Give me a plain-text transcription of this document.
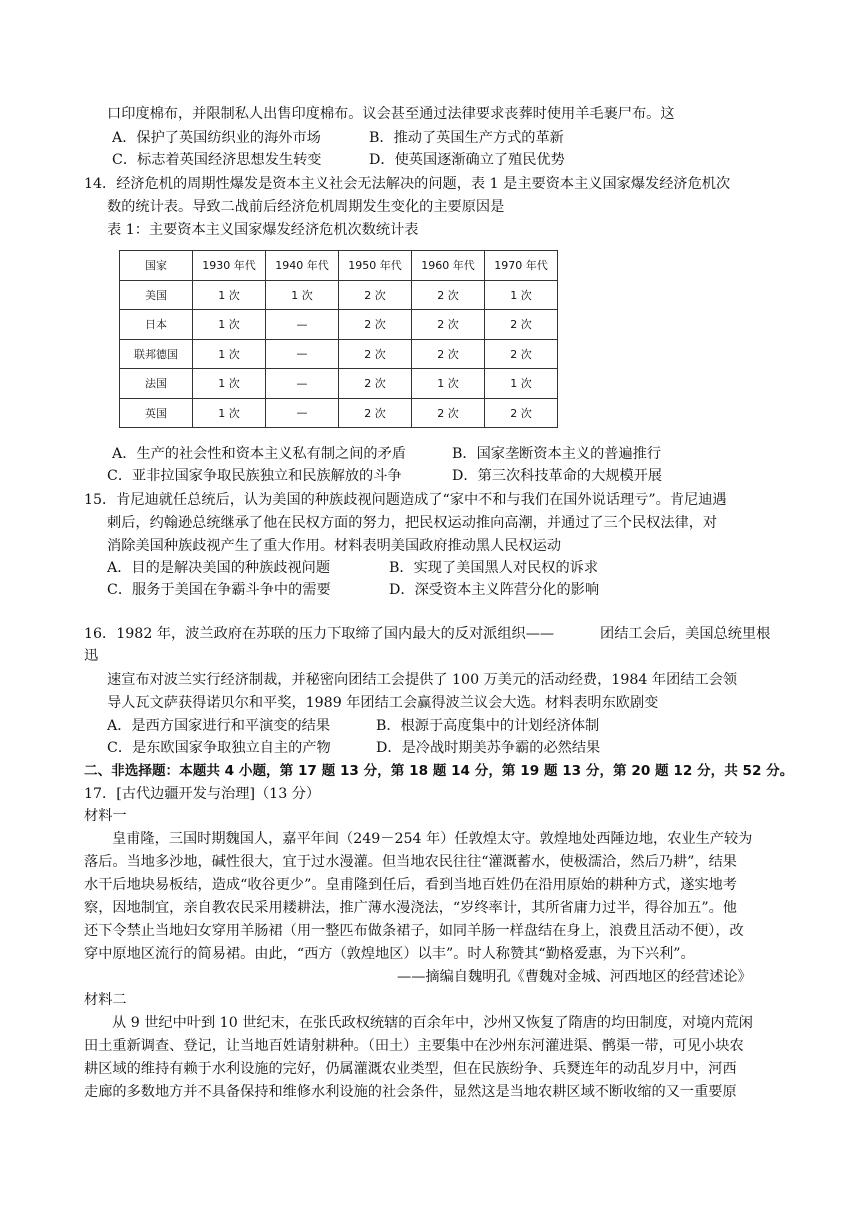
口印度棉布，并限制私人出售印度棉布。议会甚至通过法律要求丧葬时使用羊毛裹尸布。这
A．保护了英国纺织业的海外市场	B．推动了英国生产方式的革新
C．标志着英国经济思想发生转变	D．使英国逐渐确立了殖民优势
14．经济危机的周期性爆发是资本主义社会无法解决的问题，表 1 是主要资本主义国家爆发经济危机次
数的统计表。导致二战前后经济危机周期发生变化的主要原因是
表 1：主要资本主义国家爆发经济危机次数统计表
国家	1930 年代	1940 年代	1950 年代	1960 年代	1970 年代
美国	1 次	1 次	2 次	2 次	1 次
日本	1 次	—	2 次	2 次	2 次
联邦德国	1 次	—	2 次	2 次	2 次
法国	1 次	—	2 次	1 次	1 次
英国	1 次	—	2 次	2 次	2 次
A．生产的社会性和资本主义私有制之间的矛盾	B．国家垄断资本主义的普遍推行
C．亚非拉国家争取民族独立和民族解放的斗争	D．第三次科技革命的大规模开展
15．肯尼迪就任总统后，认为美国的种族歧视问题造成了“家中不和与我们在国外说话理亏”。肯尼迪遇
刺后，约翰逊总统继承了他在民权方面的努力，把民权运动推向高潮，并通过了三个民权法律，对
消除美国种族歧视产生了重大作用。材料表明美国政府推动黑人民权运动
A．目的是解决美国的种族歧视问题	B．实现了美国黑人对民权的诉求
C．服务于美国在争霸斗争中的需要	D．深受资本主义阵营分化的影响
16．1982 年，波兰政府在苏联的压力下取缔了国内最大的反对派组织——	团结工会后，美国总统里根
迅
速宣布对波兰实行经济制裁，并秘密向团结工会提供了 100 万美元的活动经费，1984 年团结工会领
导人瓦文萨获得诺贝尔和平奖，1989 年团结工会赢得波兰议会大选。材料表明东欧剧变
A．是西方国家进行和平演变的结果	B．根源于高度集中的计划经济体制
C．是东欧国家争取独立自主的产物	D．是冷战时期美苏争霸的必然结果
二、非选择题：本题共 4 小题，第 17 题 13 分，第 18 题 14 分，第 19 题 13 分，第 20 题 12 分，共 52 分。
17．[古代边疆开发与治理]（13 分）
材料一
皇甫隆，三国时期魏国人，嘉平年间（249－254 年）任敦煌太守。敦煌地处西陲边地，农业生产较为
落后。当地多沙地，碱性很大，宜于过水漫灌。但当地农民往往“灌溉蓄水，使极濡洽，然后乃耕”，结果
水干后地块易板结，造成“收谷更少”。皇甫隆到任后，看到当地百姓仍在沿用原始的耕种方式，遂实地考
察，因地制宜，亲自教农民采用耧耕法，推广薄水漫浇法，“岁终率计，其所省庸力过半，得谷加五”。他
还下令禁止当地妇女穿用羊肠裙（用一整匹布做条裙子，如同羊肠一样盘结在身上，浪费且活动不便），改
穿中原地区流行的简易裙。由此，“西方（敦煌地区）以丰”。时人称赞其“勤格爱惠，为下兴利”。
——摘编自魏明孔《曹魏对金城、河西地区的经营述论》
材料二
从 9 世纪中叶到 10 世纪末，在张氏政权统辖的百余年中，沙州又恢复了隋唐的均田制度，对境内荒闲
田土重新调查、登记，让当地百姓请射耕种。（田土）主要集中在沙州东河灌进渠、鹘渠一带，可见小块农
耕区域的维持有赖于水利设施的完好，仍属灌溉农业类型，但在民族纷争、兵燹连年的动乱岁月中，河西
走廊的多数地方并不具备保持和维修水利设施的社会条件，显然这是当地农耕区域不断收缩的又一重要原
